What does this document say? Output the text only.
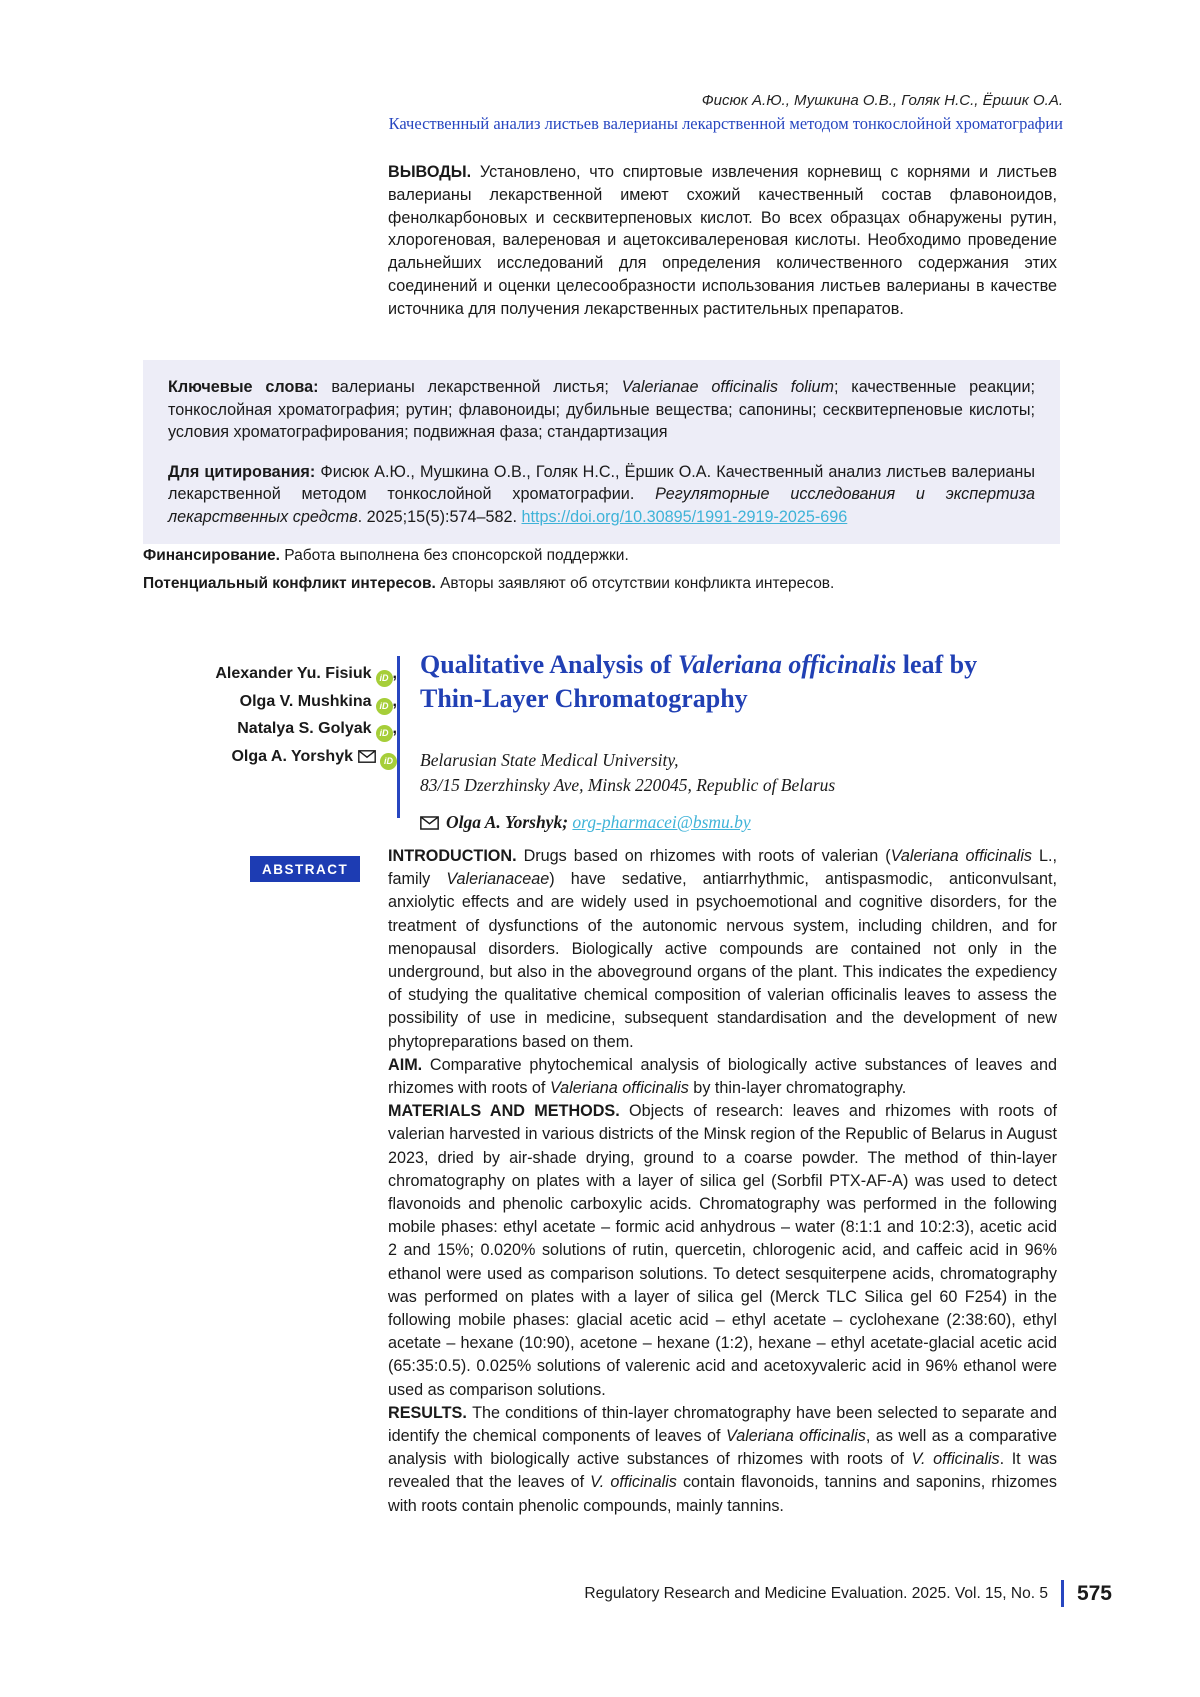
Фисюк А.Ю., Мушкина О.В., Голяк Н.С., Ёршик О.А.
Качественный анализ листьев валерианы лекарственной методом тонкослойной хроматографии
ВЫВОДЫ. Установлено, что спиртовые извлечения корневищ с корнями и листьев валерианы лекарственной имеют схожий качественный состав флавоноидов, фенолкарбоновых и сесквитерпеновых кислот. Во всех образцах обнаружены рутин, хлорогеновая, валереновая и ацетоксивалереновая кислоты. Необходимо проведение дальнейших исследований для определения количественного содержания этих соединений и оценки целесообразности использования листьев валерианы в качестве источника для получения лекарственных растительных препаратов.

Ключевые слова: валерианы лекарственной листья; Valerianae officinalis folium; качественные реакции; тонкослойная хроматография; рутин; флавоноиды; дубильные вещества; сапонины; сесквитерпеновые кислоты; условия хроматографирования; подвижная фаза; стандартизация

Для цитирования: Фисюк А.Ю., Мушкина О.В., Голяк Н.С., Ёршик О.А. Качественный анализ листьев валерианы лекарственной методом тонкослойной хроматографии. Регуляторные исследования и экспертиза лекарственных средств. 2025;15(5):574–582. https://doi.org/10.30895/1991-2919-2025-696

Финансирование. Работа выполнена без спонсорской поддержки.

Потенциальный конфликт интересов. Авторы заявляют об отсутствии конфликта интересов.

Alexander Yu. Fisiuk iD ,
Olga V. Mushkina iD ,
Natalya S. Golyak iD ,
Olga A. Yorshyk	iD
Qualitative Analysis of Valeriana officinalis leaf by Thin-Layer Chromatography
Belarusian State Medical University,
83/15 Dzerzhinsky Ave, Minsk 220045, Republic of Belarus
Olga A. Yorshyk; org-pharmacei@bsmu.by
ABSTRACT

INTRODUCTION. Drugs based on rhizomes with roots of valerian (Valeriana officinalis L., family Valerianaceae) have sedative, antiarrhythmic, antispasmodic, anticonvulsant, anxiolytic effects and are widely used in psychoemotional and cognitive disorders, for the treatment of dysfunctions of the autonomic nervous system, including children, and for menopausal disorders. Biologically active compounds are contained not only in the underground, but also in the aboveground organs of the plant. This indicates the expediency of studying the qualitative chemical composition of valerian officinalis leaves to assess the possibility of use in medicine, subsequent standardisation and the development of new phytopreparations based on them.

AIM. Comparative phytochemical analysis of biologically active substances of leaves and rhizomes with roots of Valeriana officinalis by thin-layer chromatography.

MATERIALS AND METHODS. Objects of research: leaves and rhizomes with roots of valerian harvested in various districts of the Minsk region of the Republic of Belarus in August 2023, dried by air-shade drying, ground to a coarse powder. The method of thin-layer chromatography on plates with a layer of silica gel (Sorbfil PTX-AF-A) was used to detect flavonoids and phenolic carboxylic acids. Chromatography was performed in the following mobile phases: ethyl acetate – formic acid anhydrous – water (8:1:1 and 10:2:3), acetic acid 2 and 15%; 0.020% solutions of rutin, quercetin, chlorogenic acid, and caffeic acid in 96% ethanol were used as comparison solutions. To detect sesquiterpene acids, chromatography was performed on plates with a layer of silica gel (Merck TLC Silica gel 60 F254) in the following mobile phases: glacial acetic acid – ethyl acetate – cyclohexane (2:38:60), ethyl acetate – hexane (10:90), acetone – hexane (1:2), hexane – ethyl acetate-glacial acetic acid (65:35:0.5). 0.025% solutions of valerenic acid and acetoxyvaleric acid in 96% ethanol were used as comparison solutions.

RESULTS. The conditions of thin-layer chromatography have been selected to separate and identify the chemical components of leaves of Valeriana officinalis, as well as a comparative analysis with biologically active substances of rhizomes with roots of V. officinalis. It was revealed that the leaves of V. officinalis contain flavonoids, tannins and saponins, rhizomes with roots contain phenolic compounds, mainly tannins.

Regulatory Research and Medicine Evaluation. 2025. Vol. 15, No. 5 575
